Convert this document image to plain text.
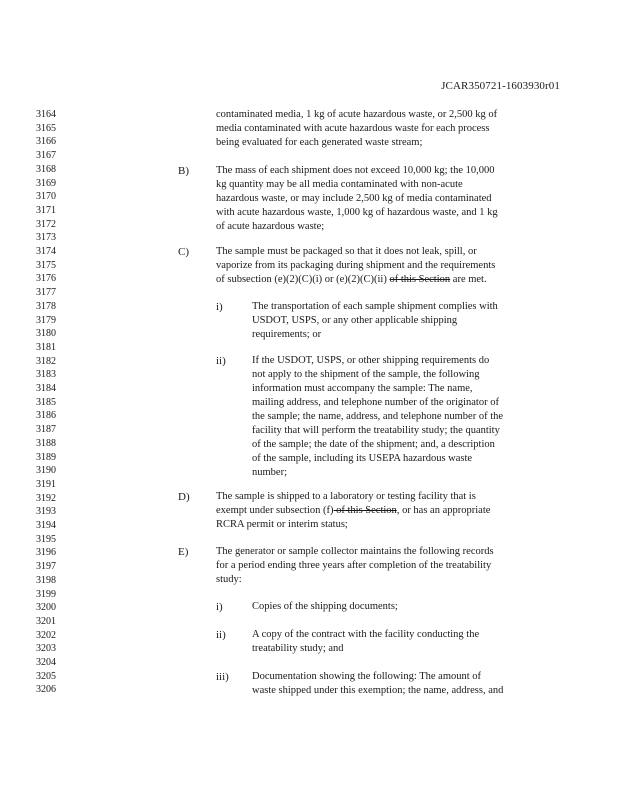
JCAR350721-1603930r01
3164
3165
3166
3167
3168
3169
3170
3171
3172
3173
3174
3175
3176
3177
3178
3179
3180
3181
3182
3183
3184
3185
3186
3187
3188
3189
3190
3191
3192
3193
3194
3195
3196
3197
3198
3199
3200
3201
3202
3203
3204
3205
3206
contaminated media, 1 kg of acute hazardous waste, or 2,500 kg of
media contaminated with acute hazardous waste for each process
being evaluated for each generated waste stream;
B)	The mass of each shipment does not exceed 10,000 kg; the 10,000
kg quantity may be all media contaminated with non-acute
hazardous waste, or may include 2,500 kg of media contaminated
with acute hazardous waste, 1,000 kg of hazardous waste, and 1 kg
of acute hazardous waste;
C)	The sample must be packaged so that it does not leak, spill, or
vaporize from its packaging during shipment and the requirements
of subsection (e)(2)(C)(i) or (e)(2)(C)(ii) of this Section are met.
i)	The transportation of each sample shipment complies with
USDOT, USPS, or any other applicable shipping
requirements; or
ii) If the USDOT, USPS, or other shipping requirements do
not apply to the shipment of the sample, the following
information must accompany the sample: The name,
mailing address, and telephone number of the originator of
the sample; the name, address, and telephone number of the
facility that will perform the treatability study; the quantity
of the sample; the date of the shipment; and, a description
of the sample, including its USEPA hazardous waste
number;
D)	The sample is shipped to a laboratory or testing facility that is
exempt under subsection (f) of this Section, or has an appropriate
RCRA permit or interim status;
E)	The generator or sample collector maintains the following records
for a period ending three years after completion of the treatability
study:
i)	Copies of the shipping documents;
ii) A copy of the contract with the facility conducting the
treatability study; and
iii) Documentation showing the following: The amount of
waste shipped under this exemption; the name, address, and
